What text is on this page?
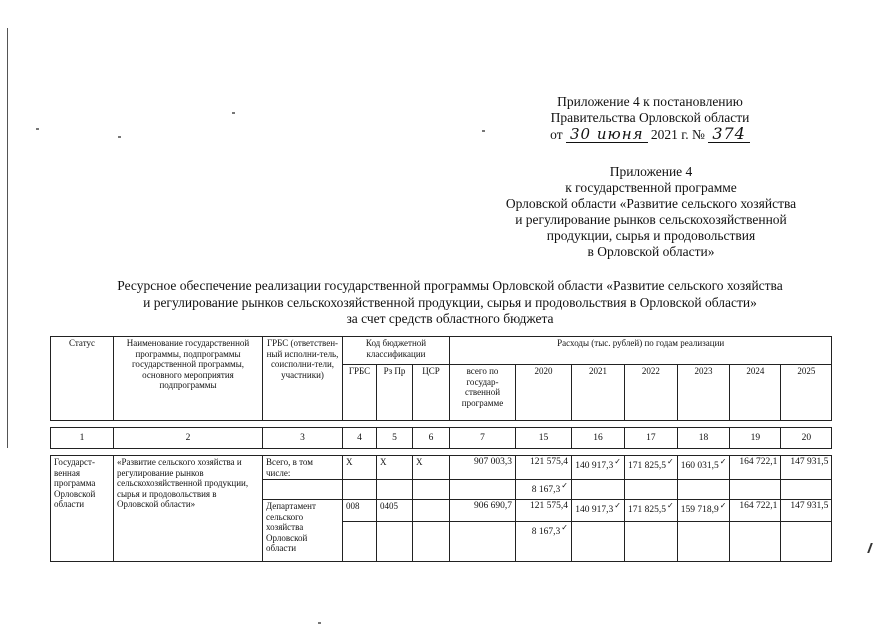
Приложение 4 к постановлению
Правительства Орловской области
от 30 июня 2021 г. № 374
Приложение 4
к государственной программе
Орловской области «Развитие сельского хозяйства
и регулирование рынков сельскохозяйственной
продукции, сырья и продовольствия
в Орловской области»
Ресурсное обеспечение реализации государственной программы Орловской области «Развитие сельского хозяйства
и регулирование рынков сельскохозяйственной продукции, сырья и продовольствия в Орловской области»
за счет средств областного бюджета
Статус	Наименование государственной программы, подпрограммы государственной программы, основного мероприятия подпрограммы	ГРБС (ответствен-ный исполни-тель, соисполни-тели, участники)	Код бюджетной классификации			Расходы (тыс. рублей) по годам реализации						
			ГРБС	Рз Пр	ЦСР	всего по государ-ственной программе	2020	2021	2022	2023	2024	2025

1	2	3	4	5	6	7	15	16	17	18	19	20

Государст-венная программа Орловской области	«Развитие сельского хозяйства и регулирование рынков сельскохозяйственной продукции, сырья и продовольствия в Орловской области»	Всего, в том числе:	Х	Х	Х	907 003,3	121 575,4	140 917,3✓	171 825,5✓	160 031,5✓	164 722,1	147 931,5
							8 167,3✓					
		Департамент сельского хозяйства Орловской области	008	0405		906 690,7	121 575,4	140 917,3✓	171 825,5✓	159 718,9✓	164 722,1	147 931,5
							8 167,3✓					
